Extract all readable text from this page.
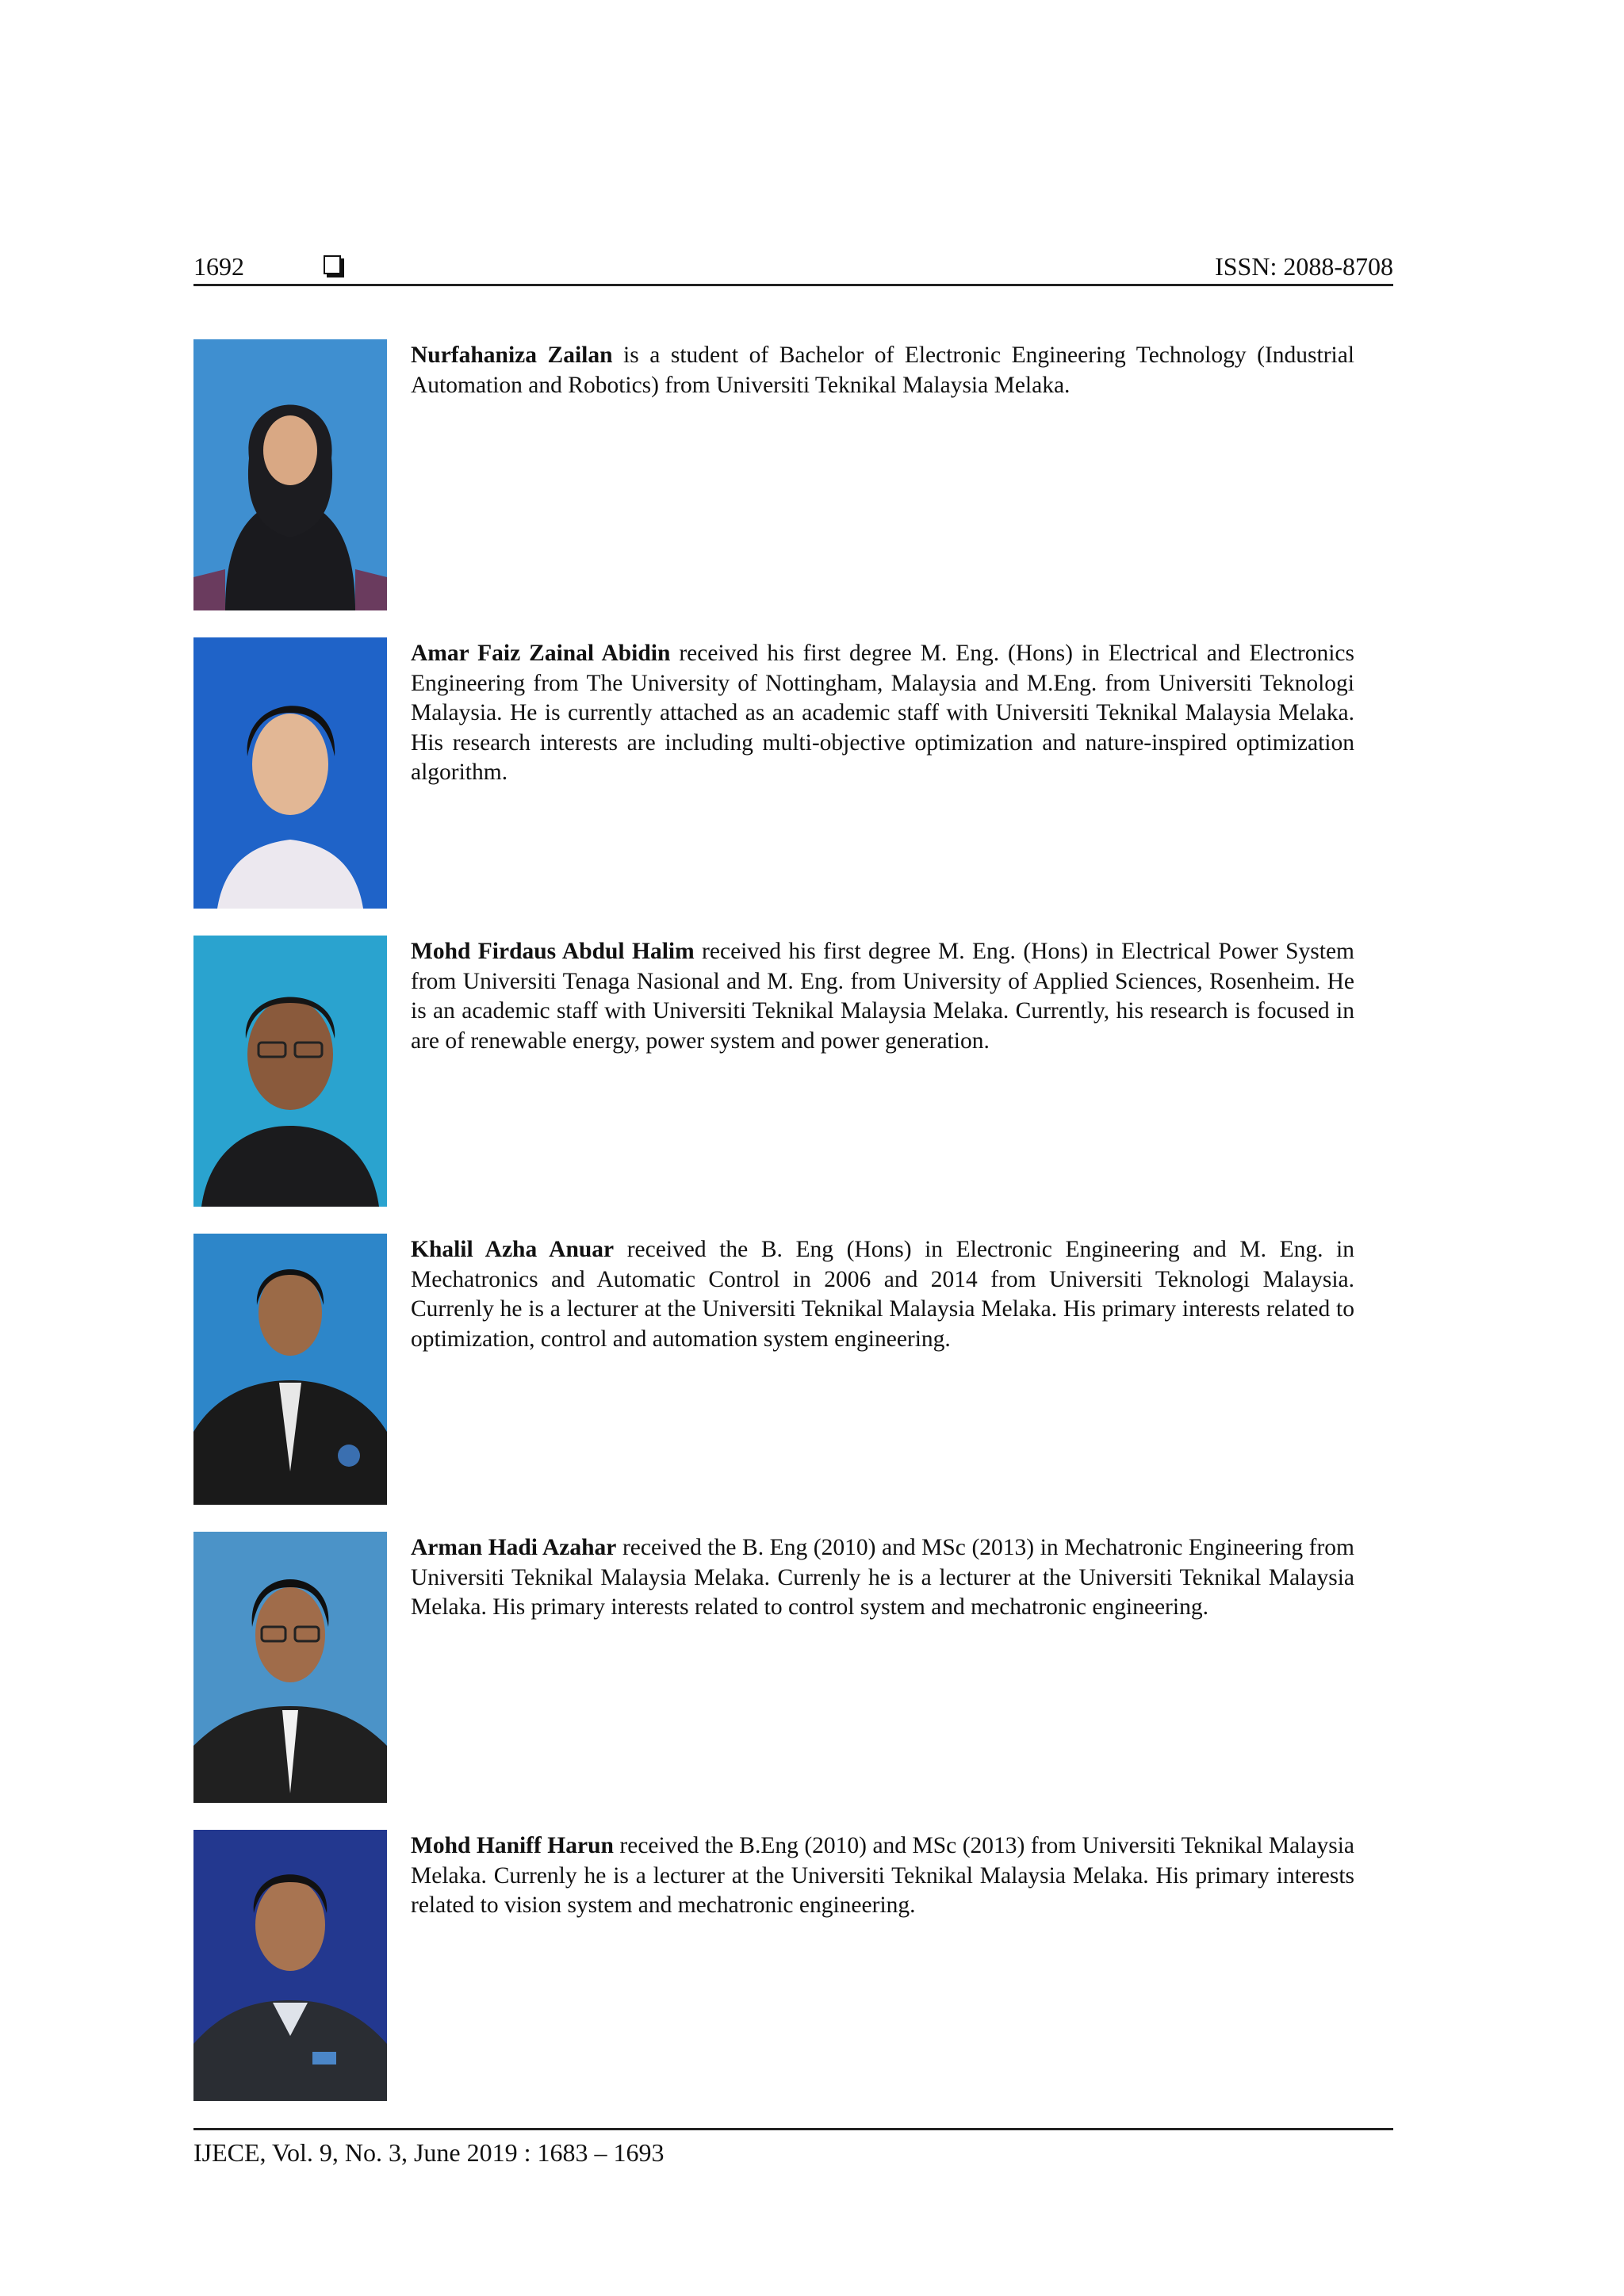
1692	ISSN: 2088-8708
Nurfahaniza Zailan is a student of Bachelor of Electronic Engineering Technology (Industrial Automation and Robotics) from Universiti Teknikal Malaysia Melaka.
Amar Faiz Zainal Abidin received his first degree M. Eng. (Hons) in Electrical and Electronics Engineering from The University of Nottingham, Malaysia and M.Eng. from Universiti Teknologi Malaysia. He is currently attached as an academic staff with Universiti Teknikal Malaysia Melaka. His research interests are including multi-objective optimization and nature-inspired optimization algorithm.
Mohd Firdaus Abdul Halim received his first degree M. Eng. (Hons) in Electrical Power System from Universiti Tenaga Nasional and M. Eng. from University of Applied Sciences, Rosenheim. He is an academic staff with Universiti Teknikal Malaysia Melaka. Currently, his research is focused in are of renewable energy, power system and power generation.
Khalil Azha Anuar received the B. Eng (Hons) in Electronic Engineering and M. Eng. in Mechatronics and Automatic Control in 2006 and 2014 from Universiti Teknologi Malaysia. Currenly he is a lecturer at the Universiti Teknikal Malaysia Melaka. His primary interests related to optimization, control and automation system engineering.
Arman Hadi Azahar received the B. Eng (2010) and MSc (2013) in Mechatronic Engineering from Universiti Teknikal Malaysia Melaka. Currenly he is a lecturer at the Universiti Teknikal Malaysia Melaka. His primary interests related to control system and mechatronic engineering.
Mohd Haniff Harun received the B.Eng (2010) and MSc (2013) from Universiti Teknikal Malaysia Melaka. Currenly he is a lecturer at the Universiti Teknikal Malaysia Melaka. His primary interests related to vision system and mechatronic engineering.
IJECE, Vol. 9, No. 3, June 2019 : 1683 – 1693
